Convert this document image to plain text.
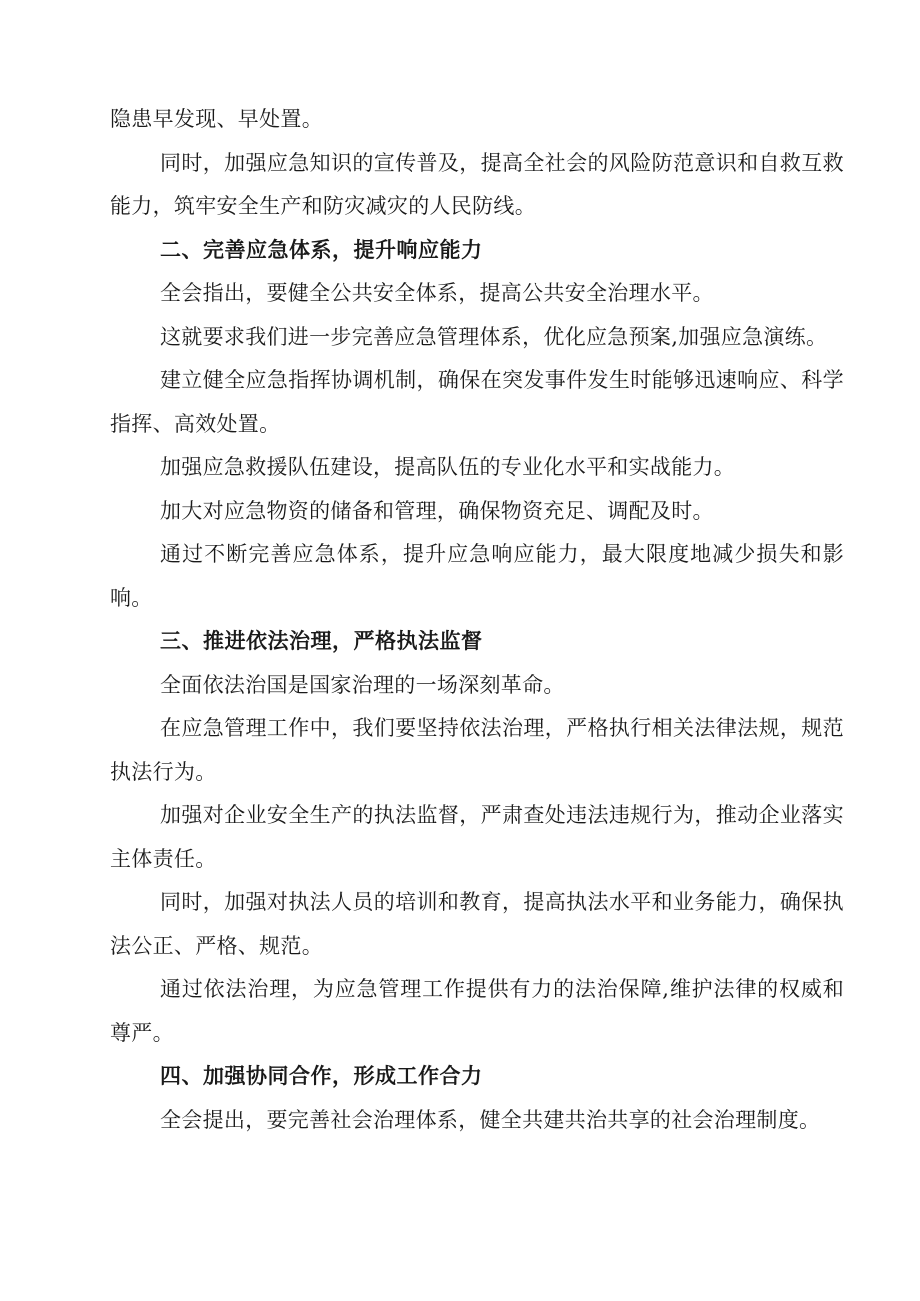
隐患早发现、早处置。

同时，加强应急知识的宣传普及，提高全社会的风险防范意识和自救互救能力，筑牢安全生产和防灾减灾的人民防线。

二、完善应急体系，提升响应能力

全会指出，要健全公共安全体系，提高公共安全治理水平。

这就要求我们进一步完善应急管理体系，优化应急预案,加强应急演练。

建立健全应急指挥协调机制，确保在突发事件发生时能够迅速响应、科学指挥、高效处置。

加强应急救援队伍建设，提高队伍的专业化水平和实战能力。

加大对应急物资的储备和管理，确保物资充足、调配及时。

通过不断完善应急体系，提升应急响应能力，最大限度地减少损失和影响。

三、推进依法治理，严格执法监督

全面依法治国是国家治理的一场深刻革命。

在应急管理工作中，我们要坚持依法治理，严格执行相关法律法规，规范执法行为。

加强对企业安全生产的执法监督，严肃查处违法违规行为，推动企业落实主体责任。

同时，加强对执法人员的培训和教育，提高执法水平和业务能力，确保执法公正、严格、规范。

通过依法治理，为应急管理工作提供有力的法治保障,维护法律的权威和尊严。

四、加强协同合作，形成工作合力

全会提出，要完善社会治理体系，健全共建共治共享的社会治理制度。
